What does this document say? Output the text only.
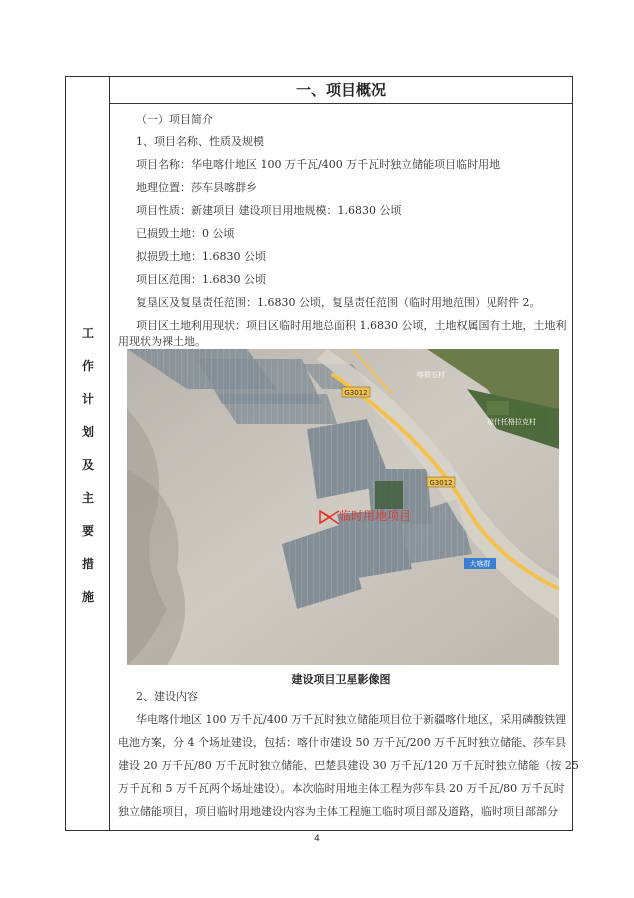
工
作
计
划
及
主
要
措
施
一、项目概况
（一）项目简介
1、项目名称、性质及规模
项目名称：华电喀什地区 100 万千瓦/400 万千瓦时独立储能项目临时用地
地理位置：莎车县喀群乡
项目性质：新建项目 建设项目用地规模：1.6830 公顷
已损毁土地：0 公顷
拟损毁土地：1.6830 公顷
项目区范围：1.6830 公顷
复垦区及复垦责任范围：1.6830 公顷，复垦责任范围（临时用地范围）见附件 2。
项目区土地利用现状：项目区临时用地总面积 1.6830 公顷，土地权属国有土地，土地利
用现状为裸土地。
G3012
G3012
大喀群
喀群五村
琼什托格拉克村
临时用地项目
建设项目卫星影像图
2、建设内容
华电喀什地区 100 万千瓦/400 万千瓦时独立储能项目位于新疆喀什地区，采用磷酸铁锂
电池方案，分 4 个场址建设，包括：喀什市建设 50 万千瓦/200 万千瓦时独立储能、莎车县
建设 20 万千瓦/80 万千瓦时独立储能、巴楚县建设 30 万千瓦/120 万千瓦时独立储能（按 25
万千瓦和 5 万千瓦两个场址建设）。本次临时用地主体工程为莎车县 20 万千瓦/80 万千瓦时
独立储能项目，项目临时用地建设内容为主体工程施工临时项目部及道路，临时项目部部分
4
